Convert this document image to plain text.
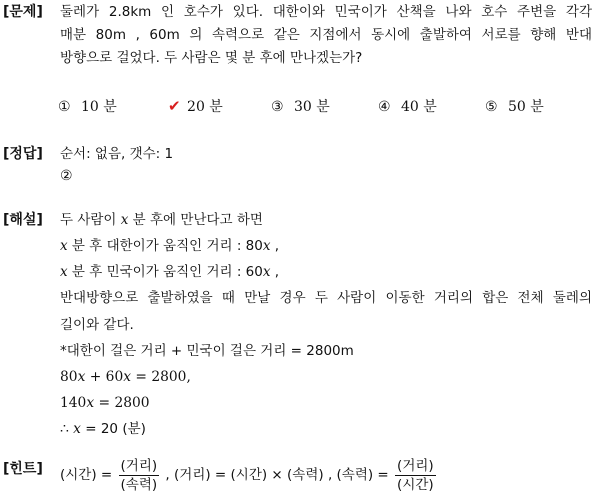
[문제] 둘레가 2.8km 인 호수가 있다. 대한이와 민국이가 산책을 나와 호수 주변을 각각
매분 80m , 60m 의 속력으로 같은 지점에서 동시에 출발하여 서로를 향해 반대
방향으로 걸었다. 두 사람은 몇 분 후에 만나겠는가?
① 10 분	✔ 20 분	③ 30 분	④ 40 분	⑤ 50 분
[정답] 순서: 없음, 갯수: 1
②
[해설] 두 사람이 x 분 후에 만난다고 하면
x 분 후 대한이가 움직인 거리 : 80x ,
x 분 후 민국이가 움직인 거리 : 60x ,
반대방향으로 출발하였을 때 만날 경우 두 사람이 이동한 거리의 합은 전체 둘레의
길이와 같다.
*대한이 걸은 거리 + 민국이 걸은 거리 = 2800m
80x + 60x = 2800,
140x = 2800
∴ x = 20 (분)
[힌트] (시간) = $\frac{\text{(거리)}}{\text{(속력)}}$ , (거리) = (시간) × (속력) , (속력) = $\frac{\text{(거리)}}{\text{(시간)}}$
